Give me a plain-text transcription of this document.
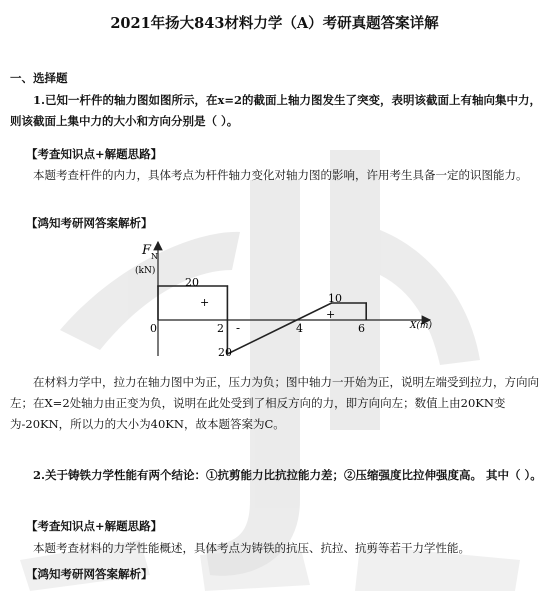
2021年扬大843材料力学（A）考研真题答案详解
一、选择题
1.已知一杆件的轴力图如图所示，在x=2的截面上轴力图发生了突变，表明该截面上有轴向集中力，则该截面上集中力的大小和方向分别是（ ）。
【考查知识点+解题思路】
本题考查杆件的内力，具体考点为杆件轴力变化对轴力图的影响，许用考生具备一定的识图能力。
【鸿知考研网答案解析】
F N
(kN)
X(m)
0	2	4	6
20
20
10
+
-
+
在材料力学中，拉力在轴力图中为正，压力为负；图中轴力一开始为正，说明左端受到拉力，方向向左；在X=2处轴力由正变为负，说明在此处受到了相反方向的力，即方向向左；数值上由20KN变为-20KN，所以力的大小为40KN，故本题答案为C。
2.关于铸铁力学性能有两个结论：①抗剪能力比抗拉能力差；②压缩强度比拉伸强度高。 其中（ ）。
【考查知识点+解题思路】
本题考查材料的力学性能概述，具体考点为铸铁的抗压、抗拉、抗剪等若干力学性能。
【鸿知考研网答案解析】
